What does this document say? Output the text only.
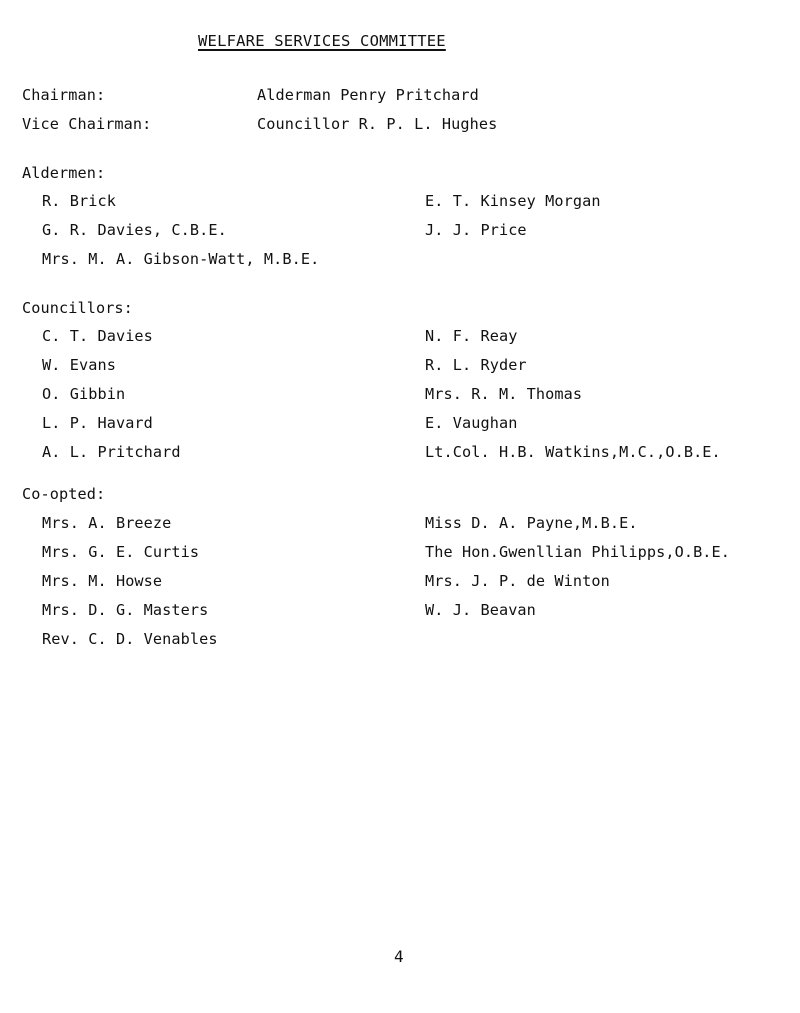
WELFARE SERVICES COMMITTEE
Chairman:	Alderman Penry Pritchard
Vice Chairman:	Councillor R. P. L. Hughes
Aldermen:
R. Brick
G. R. Davies, C.B.E.
Mrs. M. A. Gibson-Watt, M.B.E.
E. T. Kinsey Morgan
J. J. Price
Councillors:
C. T. Davies
W. Evans
O. Gibbin
L. P. Havard
A. L. Pritchard
N. F. Reay
R. L. Ryder
Mrs. R. M. Thomas
E. Vaughan
Lt.Col. H.B. Watkins,M.C.,O.B.E.
Co-opted:
Mrs. A. Breeze
Mrs. G. E. Curtis
Mrs. M. Howse
Mrs. D. G. Masters
Rev. C. D. Venables
Miss D. A. Payne,M.B.E.
The Hon.Gwenllian Philipps,O.B.E.
Mrs. J. P. de Winton
W. J. Beavan
4
